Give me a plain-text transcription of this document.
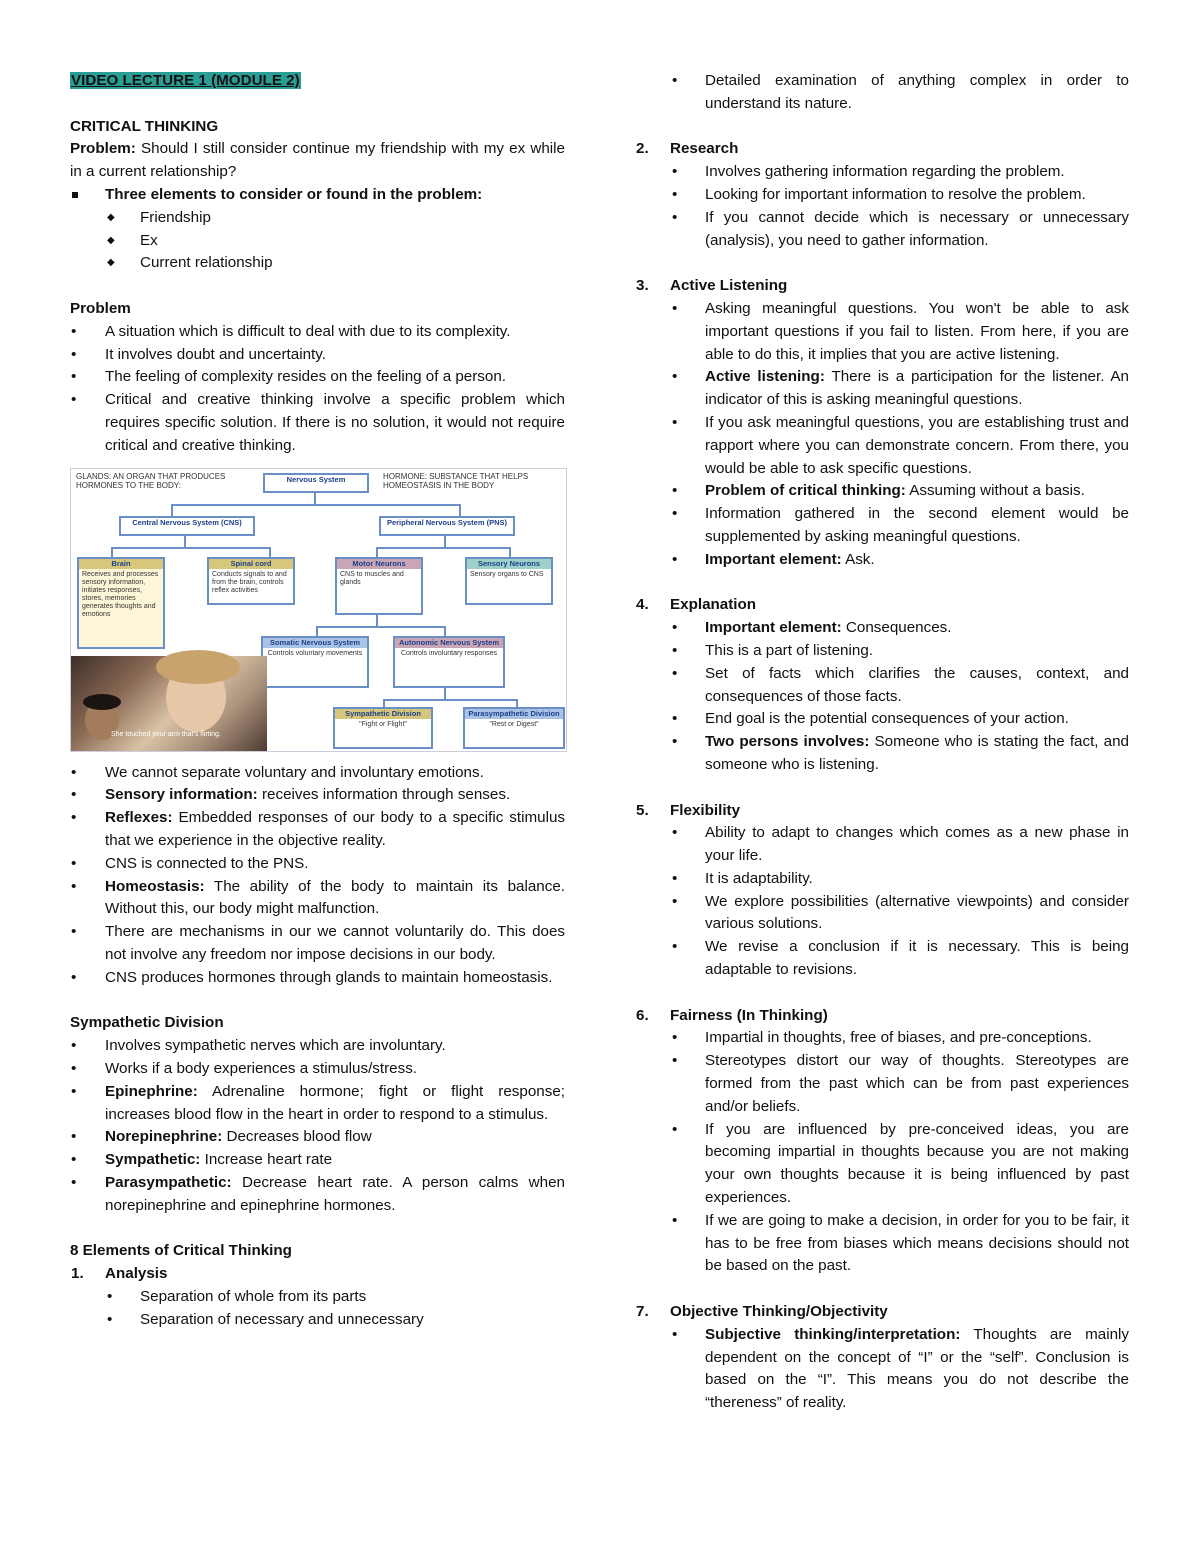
VIDEO LECTURE 1 (MODULE 2)

CRITICAL THINKING

Problem: Should I still consider continue my friendship with my ex while in a current relationship?

Three elements to consider or found in the problem:
◆ Friendship
◆ Ex
◆ Current relationship

Problem

• A situation which is difficult to deal with due to its complexity.
• It involves doubt and uncertainty.
• The feeling of complexity resides on the feeling of a person.
• Critical and creative thinking involve a specific problem which requires specific solution. If there is no solution, it would not require critical and creative thinking.
GLANDS: AN ORGAN THAT PRODUCES HORMONES TO THE BODY:
HORMONE: SUBSTANCE THAT HELPS HOMEOSTASIS IN THE BODY
Nervous System
Central Nervous System (CNS)	Peripheral Nervous System (PNS)
Brain
Receives and processes sensory information, initiates responses, stores, memories generates thoughts and emotions
Spinal cord
Conducts signals to and from the brain, controls reflex activities
Motor Neurons
CNS to muscles and glands
Sensory Neurons
Sensory organs to CNS
Somatic Nervous System
Controls voluntary movements
Autonomic Nervous System
Controls involuntary responses
Sympathetic Division
"Fight or Flight"
Parasympathetic Division
"Rest or Digest"
She touched your arm that's flirting.
• We cannot separate voluntary and involuntary emotions.
• Sensory information: receives information through senses.
• Reflexes: Embedded responses of our body to a specific stimulus that we experience in the objective reality.
• CNS is connected to the PNS.
• Homeostasis: The ability of the body to maintain its balance. Without this, our body might malfunction.
• There are mechanisms in our we cannot voluntarily do. This does not involve any freedom nor impose decisions in our body.
• CNS produces hormones through glands to maintain homeostasis.

Sympathetic Division

• Involves sympathetic nerves which are involuntary.
• Works if a body experiences a stimulus/stress.
• Epinephrine: Adrenaline hormone; fight or flight response; increases blood flow in the heart in order to respond to a stimulus.
• Norepinephrine: Decreases blood flow
• Sympathetic: Increase heart rate
• Parasympathetic: Decrease heart rate. A person calms when norepinephrine and epinephrine hormones.

8 Elements of Critical Thinking

1. Analysis

• Separation of whole from its parts
• Separation of necessary and unnecessary
• Detailed examination of anything complex in order to understand its nature.

2. Research

• Involves gathering information regarding the problem.
• Looking for important information to resolve the problem.
• If you cannot decide which is necessary or unnecessary (analysis), you need to gather information.

3. Active Listening

• Asking meaningful questions. You won't be able to ask important questions if you fail to listen. From here, if you are able to do this, it implies that you are active listening.
• Active listening: There is a participation for the listener. An indicator of this is asking meaningful questions.
• If you ask meaningful questions, you are establishing trust and rapport where you can demonstrate concern. From there, you would be able to ask specific questions.
• Problem of critical thinking: Assuming without a basis.
• Information gathered in the second element would be supplemented by asking meaningful questions.
• Important element: Ask.

4. Explanation

• Important element: Consequences.
• This is a part of listening.
• Set of facts which clarifies the causes, context, and consequences of those facts.
• End goal is the potential consequences of your action.
• Two persons involves: Someone who is stating the fact, and someone who is listening.

5. Flexibility

• Ability to adapt to changes which comes as a new phase in your life.
• It is adaptability.
• We explore possibilities (alternative viewpoints) and consider various solutions.
• We revise a conclusion if it is necessary. This is being adaptable to revisions.

6. Fairness (In Thinking)

• Impartial in thoughts, free of biases, and pre-conceptions.
• Stereotypes distort our way of thoughts. Stereotypes are formed from the past which can be from past experiences and/or beliefs.
• If you are influenced by pre-conceived ideas, you are becoming impartial in thoughts because you are not making your own thoughts because it is being influenced by past experiences.
• If we are going to make a decision, in order for you to be fair, it has to be free from biases which means decisions should not be based on the past.

7. Objective Thinking/Objectivity

• Subjective thinking/interpretation: Thoughts are mainly dependent on the concept of “I” or the “self”. Conclusion is based on the “I”. This means you do not describe the “thereness” of reality.
